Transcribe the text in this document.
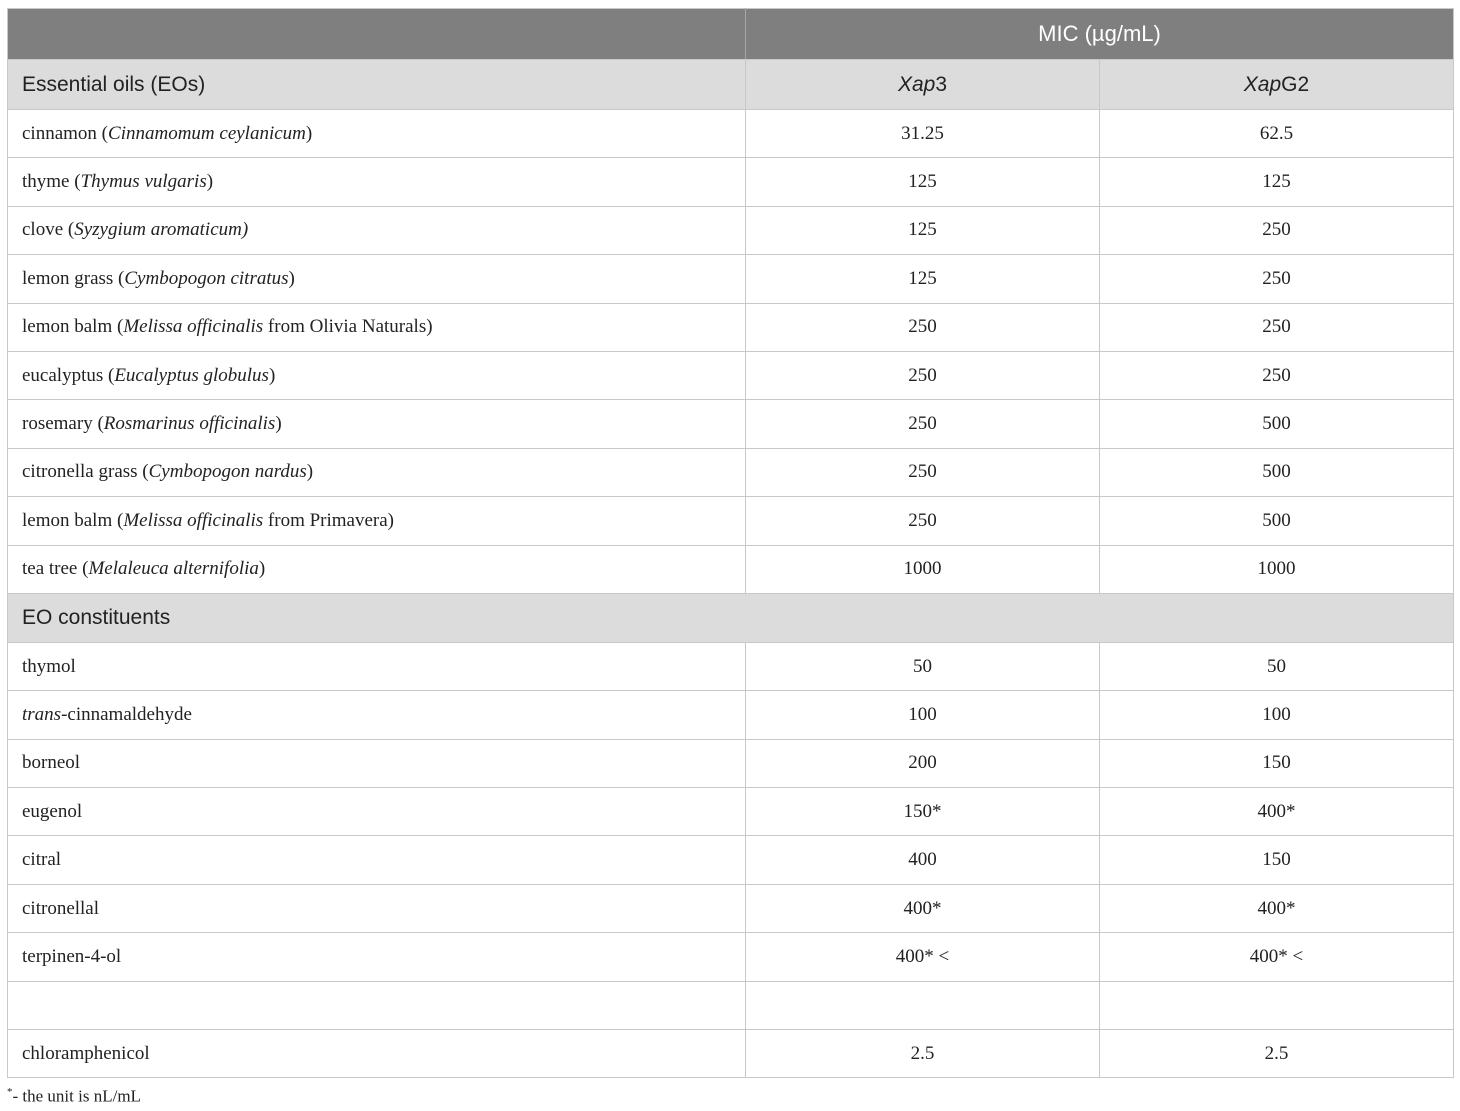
	MIC (µg/mL)	
Essential oils (EOs)	Xap3	XapG2
cinnamon (Cinnamomum ceylanicum)	31.25	62.5
thyme (Thymus vulgaris)	125	125
clove (Syzygium aromaticum)	125	250
lemon grass (Cymbopogon citratus)	125	250
lemon balm (Melissa officinalis from Olivia Naturals)	250	250
eucalyptus (Eucalyptus globulus)	250	250
rosemary (Rosmarinus officinalis)	250	500
citronella grass (Cymbopogon nardus)	250	500
lemon balm (Melissa officinalis from Primavera)	250	500
tea tree (Melaleuca alternifolia)	1000	1000
EO constituents		
thymol	50	50
trans-cinnamaldehyde	100	100
borneol	200	150
eugenol	150*	400*
citral	400	150
citronellal	400*	400*
terpinen-4-ol	400* <	400* <

chloramphenicol	2.5	2.5
*- the unit is nL/mL
